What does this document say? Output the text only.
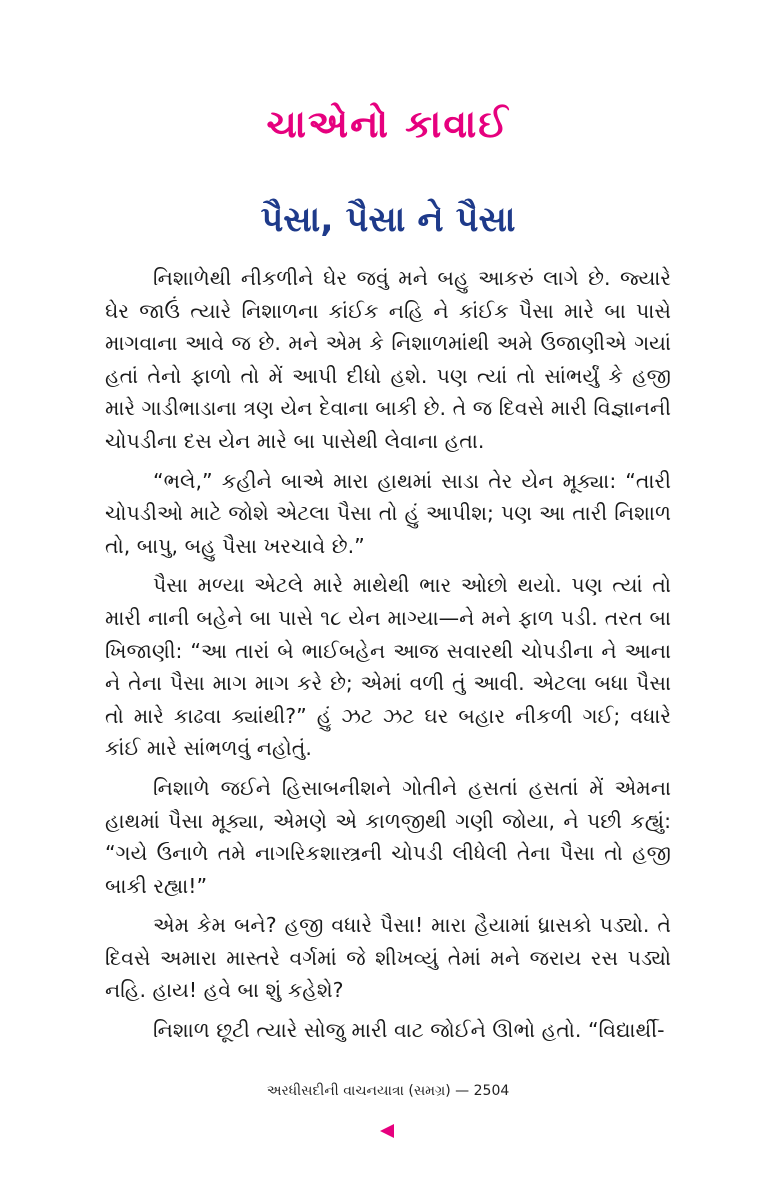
ચાએનો કાવાઈ
પૈસા, પૈસા ને પૈસા

નિશાળેથી નીકળીને ઘેર જવું મને બહુ આકરું લાગે છે. જ્યારે ઘેર જાઉં ત્યારે નિશાળના કાંઈક નહિ ને કાંઈક પૈસા મારે બા પાસે માગવાના આવે જ છે. મને એમ કે નિશાળમાંથી અમે ઉજાણીએ ગયાં હતાં તેનો ફાળો તો મેં આપી દીધો હશે. પણ ત્યાં તો સાંભર્યું કે હજી મારે ગાડીભાડાના ત્રણ યેન દેવાના બાકી છે. તે જ દિવસે મારી વિજ્ઞાનની ચોપડીના દસ યેન મારે બા પાસેથી લેવાના હતા.

“ભલે,” કહીને બાએ મારા હાથમાં સાડા તેર યેન મૂક્યા: “તારી ચોપડીઓ માટે જોશે એટલા પૈસા તો હું આપીશ; પણ આ તારી નિશાળ તો, બાપુ, બહુ પૈસા ખરચાવે છે.”

પૈસા મળ્યા એટલે મારે માથેથી ભાર ઓછો થયો. પણ ત્યાં તો મારી નાની બહેને બા પાસે ૧૮ યેન માગ્યા—ને મને ફાળ પડી. તરત બા ખિજાણી: “આ તારાં બે ભાઈબહેન આજ સવારથી ચોપડીના ને આના ને તેના પૈસા માગ માગ કરે છે; એમાં વળી તું આવી. એટલા બધા પૈસા તો મારે કાઢવા ક્યાંથી?” હું ઝટ ઝટ ઘર બહાર નીકળી ગઈ; વધારે કાંઈ મારે સાંભળવું નહોતું.

નિશાળે જઈને હિસાબનીશને ગોતીને હસતાં હસતાં મેં એમના હાથમાં પૈસા મૂક્યા, એમણે એ કાળજીથી ગણી જોયા, ને પછી કહ્યું: “ગયે ઉનાળે તમે નાગરિકશાસ્ત્રની ચોપડી લીધેલી તેના પૈસા તો હજી બાકી રહ્યા!”

એમ કેમ બને? હજી વધારે પૈસા! મારા હૈયામાં ધ્રાસકો પડ્યો. તે દિવસે અમારા માસ્તરે વર્ગમાં જે શીખવ્યું તેમાં મને જરાય રસ પડ્યો નહિ. હાય! હવે બા શું કહેશે?

નિશાળ છૂટી ત્યારે સોજુ મારી વાટ જોઈને ઊભો હતો. “વિદ્યાર્થી-

અરધીસદીની વાચનયાત્રા (સમગ્ર) — 2504
